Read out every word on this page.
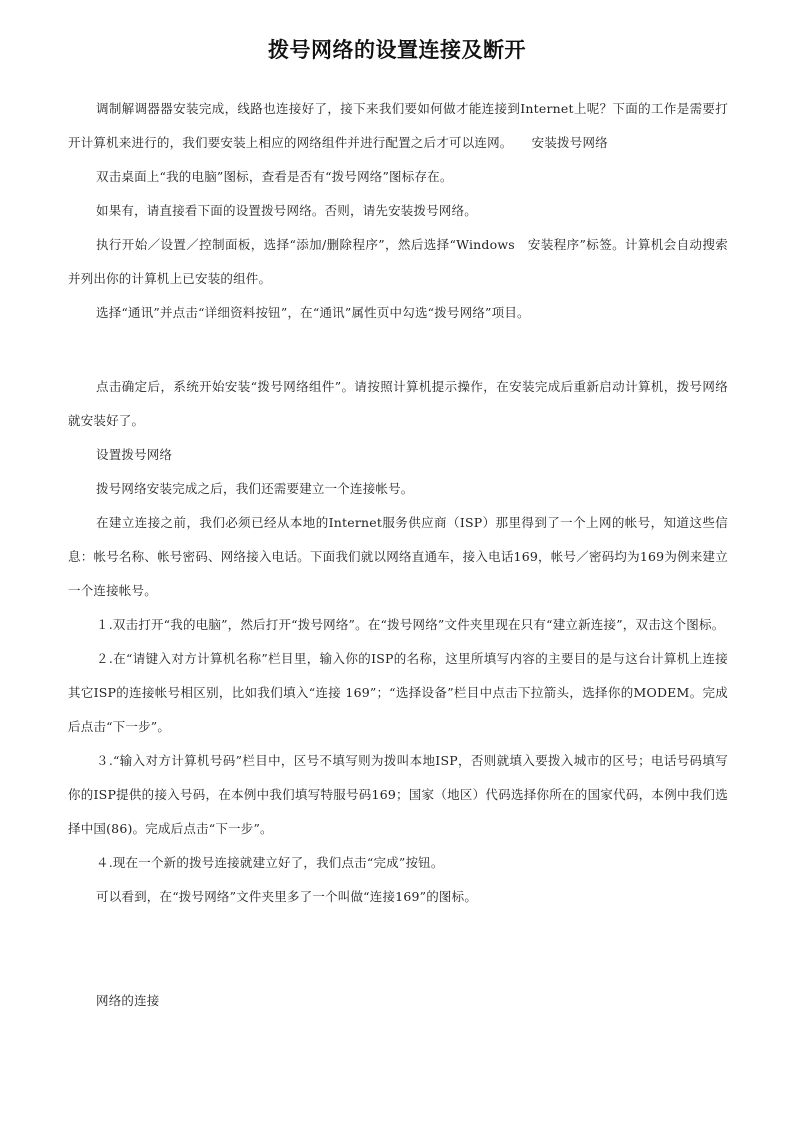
拨号网络的设置连接及断开

调制解调器器安装完成，线路也连接好了，接下来我们要如何做才能连接到Internet上呢？下面的工作是需要打开计算机来进行的，我们要安装上相应的网络组件并进行配置之后才可以连网。　　安装拨号网络

双击桌面上“我的电脑”图标，查看是否有“拨号网络”图标存在。

如果有，请直接看下面的设置拨号网络。否则，请先安装拨号网络。

执行开始／设置／控制面板，选择“添加/删除程序”，然后选择“Windows　安装程序”标签。计算机会自动搜索并列出你的计算机上已安装的组件。

选择“通讯”并点击“详细资料按钮”，在“通讯”属性页中勾选“拨号网络”项目。

点击确定后，系统开始安装“拨号网络组件”。请按照计算机提示操作，在安装完成后重新启动计算机，拨号网络就安装好了。

设置拨号网络

拨号网络安装完成之后，我们还需要建立一个连接帐号。

在建立连接之前，我们必须已经从本地的Internet服务供应商（ISP）那里得到了一个上网的帐号，知道这些信息：帐号名称、帐号密码、网络接入电话。下面我们就以网络直通车，接入电话169，帐号／密码均为169为例来建立一个连接帐号。

１.双击打开“我的电脑”，然后打开“拨号网络”。在“拨号网络”文件夹里现在只有“建立新连接”，双击这个图标。

２.在“请键入对方计算机名称”栏目里，输入你的ISP的名称，这里所填写内容的主要目的是与这台计算机上连接其它ISP的连接帐号相区别，比如我们填入“连接 169”；“选择设备”栏目中点击下拉箭头，选择你的MODEM。完成后点击“下一步”。

３.“输入对方计算机号码”栏目中，区号不填写则为拨叫本地ISP，否则就填入要拨入城市的区号；电话号码填写你的ISP提供的接入号码，在本例中我们填写特服号码169；国家（地区）代码选择你所在的国家代码，本例中我们选择中国(86)。完成后点击“下一步”。

４.现在一个新的拨号连接就建立好了，我们点击“完成”按钮。

可以看到，在“拨号网络”文件夹里多了一个叫做“连接169”的图标。

网络的连接
